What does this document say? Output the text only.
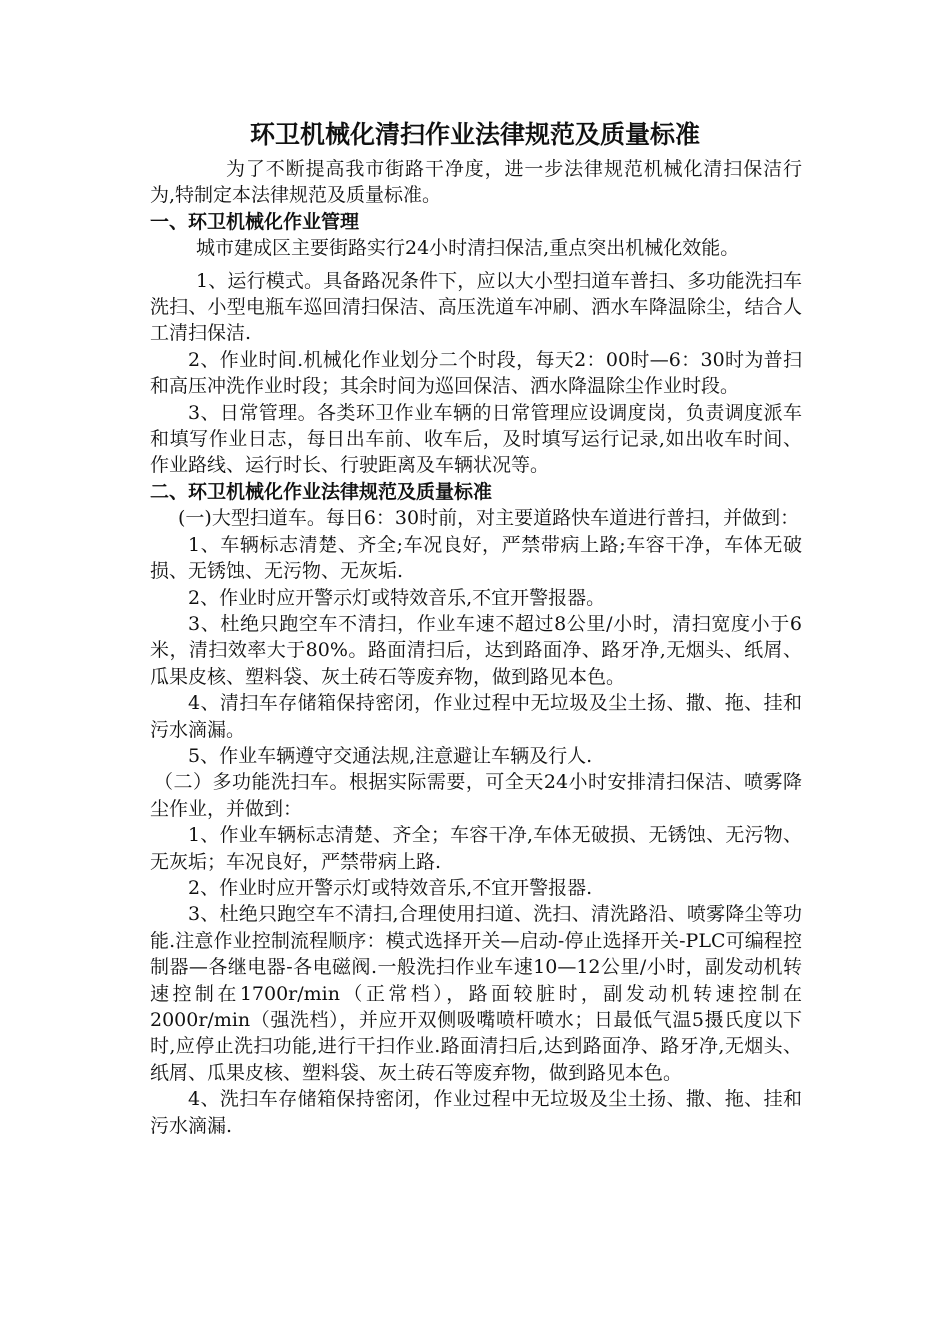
环卫机械化清扫作业法律规范及质量标准

为了不断提高我市街路干净度，进一步法律规范机械化清扫保洁行为,特制定本法律规范及质量标准。

一、环卫机械化作业管理

城市建成区主要街路实行24小时清扫保洁,重点突出机械化效能。

1、运行模式。具备路况条件下，应以大小型扫道车普扫、多功能洗扫车洗扫、小型电瓶车巡回清扫保洁、高压洗道车冲刷、洒水车降温除尘，结合人工清扫保洁.

2、作业时间.机械化作业划分二个时段，每天2：00时—6：30时为普扫和高压冲洗作业时段；其余时间为巡回保洁、洒水降温除尘作业时段。

3、日常管理。各类环卫作业车辆的日常管理应设调度岗，负责调度派车和填写作业日志，每日出车前、收车后，及时填写运行记录,如出收车时间、作业路线、运行时长、行驶距离及车辆状况等。

二、环卫机械化作业法律规范及质量标准

(一)大型扫道车。每日6：30时前，对主要道路快车道进行普扫，并做到：

1、车辆标志清楚、齐全;车况良好，严禁带病上路;车容干净，车体无破损、无锈蚀、无污物、无灰垢.

2、作业时应开警示灯或特效音乐,不宜开警报器。

3、杜绝只跑空车不清扫，作业车速不超过8公里/小时，清扫宽度小于6米，清扫效率大于80%。路面清扫后，达到路面净、路牙净,无烟头、纸屑、瓜果皮核、塑料袋、灰土砖石等废弃物，做到路见本色。

4、清扫车存储箱保持密闭，作业过程中无垃圾及尘土扬、撒、拖、挂和污水滴漏。

5、作业车辆遵守交通法规,注意避让车辆及行人.

（二）多功能洗扫车。根据实际需要，可全天24小时安排清扫保洁、喷雾降尘作业，并做到：

1、作业车辆标志清楚、齐全；车容干净,车体无破损、无锈蚀、无污物、无灰垢；车况良好，严禁带病上路.

2、作业时应开警示灯或特效音乐,不宜开警报器.

3、杜绝只跑空车不清扫,合理使用扫道、洗扫、清洗路沿、喷雾降尘等功能.注意作业控制流程顺序：模式选择开关—启动-停止选择开关-PLC可编程控制器—各继电器-各电磁阀.一般洗扫作业车速10—12公里/小时，副发动机转速控制在1700r/min（正常档），路面较脏时，副发动机转速控制在2000r/min（强洗档），并应开双侧吸嘴喷杆喷水；日最低气温5摄氏度以下时,应停止洗扫功能,进行干扫作业.路面清扫后,达到路面净、路牙净,无烟头、纸屑、瓜果皮核、塑料袋、灰土砖石等废弃物，做到路见本色。

4、洗扫车存储箱保持密闭，作业过程中无垃圾及尘土扬、撒、拖、挂和污水滴漏.
